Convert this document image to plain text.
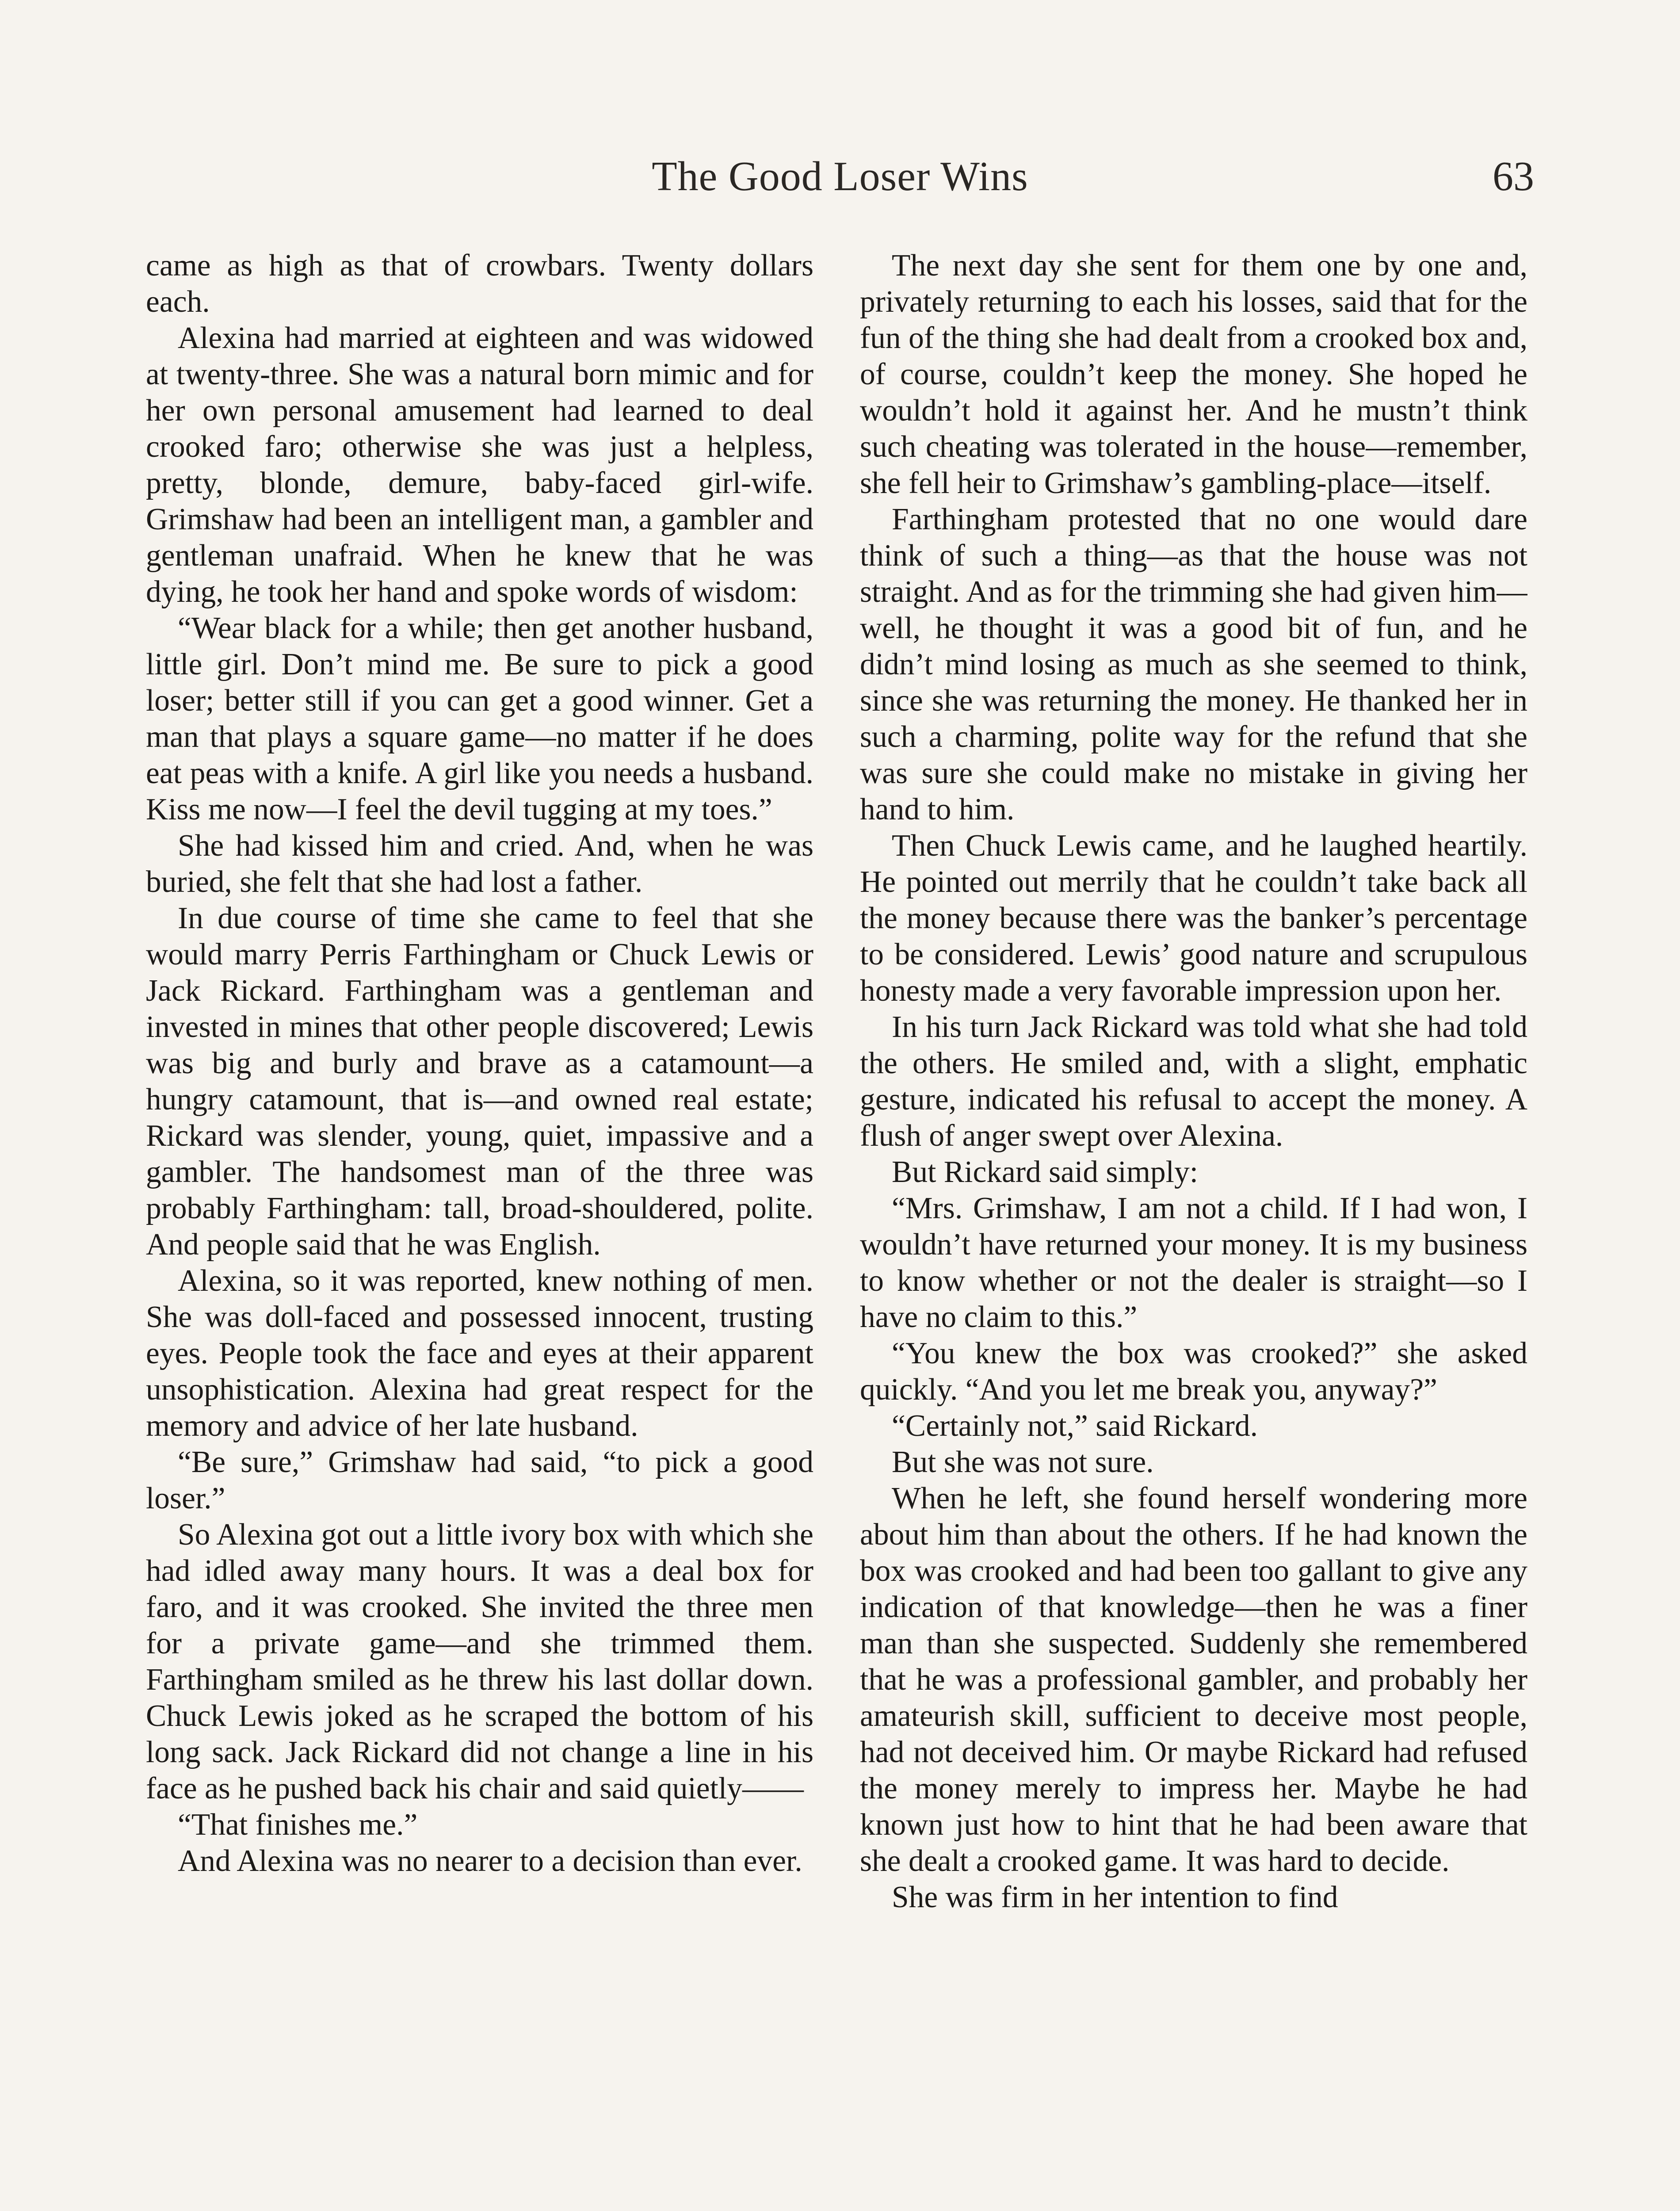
The Good Loser Wins	63

came as high as that of crowbars. Twenty dollars each.

Alexina had married at eighteen and was widowed at twenty-three. She was a natural born mimic and for her own personal amusement had learned to deal crooked faro; otherwise she was just a helpless, pretty, blonde, demure, baby-faced girl-wife. Grimshaw had been an intelligent man, a gambler and gentleman unafraid. When he knew that he was dying, he took her hand and spoke words of wisdom:

“Wear black for a while; then get another husband, little girl. Don’t mind me. Be sure to pick a good loser; better still if you can get a good winner. Get a man that plays a square game—no matter if he does eat peas with a knife. A girl like you needs a husband. Kiss me now—I feel the devil tugging at my toes.”

She had kissed him and cried. And, when he was buried, she felt that she had lost a father.

In due course of time she came to feel that she would marry Perris Farthingham or Chuck Lewis or Jack Rickard. Farthingham was a gentleman and invested in mines that other people discovered; Lewis was big and burly and brave as a catamount—a hungry catamount, that is—and owned real estate; Rickard was slender, young, quiet, impassive and a gambler. The handsomest man of the three was probably Farthingham: tall, broad-shouldered, polite. And people said that he was English.

Alexina, so it was reported, knew nothing of men. She was doll-faced and possessed innocent, trusting eyes. People took the face and eyes at their apparent unsophistication. Alexina had great respect for the memory and advice of her late husband.

“Be sure,” Grimshaw had said, “to pick a good loser.”

So Alexina got out a little ivory box with which she had idled away many hours. It was a deal box for faro, and it was crooked. She invited the three men for a private game—and she trimmed them. Farthingham smiled as he threw his last dollar down. Chuck Lewis joked as he scraped the bottom of his long sack. Jack Rickard did not change a line in his face as he pushed back his chair and said quietly——

“That finishes me.”

And Alexina was no nearer to a decision than ever.

The next day she sent for them one by one and, privately returning to each his losses, said that for the fun of the thing she had dealt from a crooked box and, of course, couldn’t keep the money. She hoped he wouldn’t hold it against her. And he mustn’t think such cheating was tolerated in the house—remember, she fell heir to Grimshaw’s gambling-place—itself.

Farthingham protested that no one would dare think of such a thing—as that the house was not straight. And as for the trimming she had given him—well, he thought it was a good bit of fun, and he didn’t mind losing as much as she seemed to think, since she was returning the money. He thanked her in such a charming, polite way for the refund that she was sure she could make no mistake in giving her hand to him.

Then Chuck Lewis came, and he laughed heartily. He pointed out merrily that he couldn’t take back all the money because there was the banker’s percentage to be considered. Lewis’ good nature and scrupulous honesty made a very favorable impression upon her.

In his turn Jack Rickard was told what she had told the others. He smiled and, with a slight, emphatic gesture, indicated his refusal to accept the money. A flush of anger swept over Alexina.

But Rickard said simply:

“Mrs. Grimshaw, I am not a child. If I had won, I wouldn’t have returned your money. It is my business to know whether or not the dealer is straight—so I have no claim to this.”

“You knew the box was crooked?” she asked quickly. “And you let me break you, anyway?”

“Certainly not,” said Rickard.

But she was not sure.

When he left, she found herself wondering more about him than about the others. If he had known the box was crooked and had been too gallant to give any indication of that knowledge—then he was a finer man than she suspected. Suddenly she remembered that he was a professional gambler, and probably her amateurish skill, sufficient to deceive most people, had not deceived him. Or maybe Rickard had refused the money merely to impress her. Maybe he had known just how to hint that he had been aware that she dealt a crooked game. It was hard to decide.

She was firm in her intention to find
